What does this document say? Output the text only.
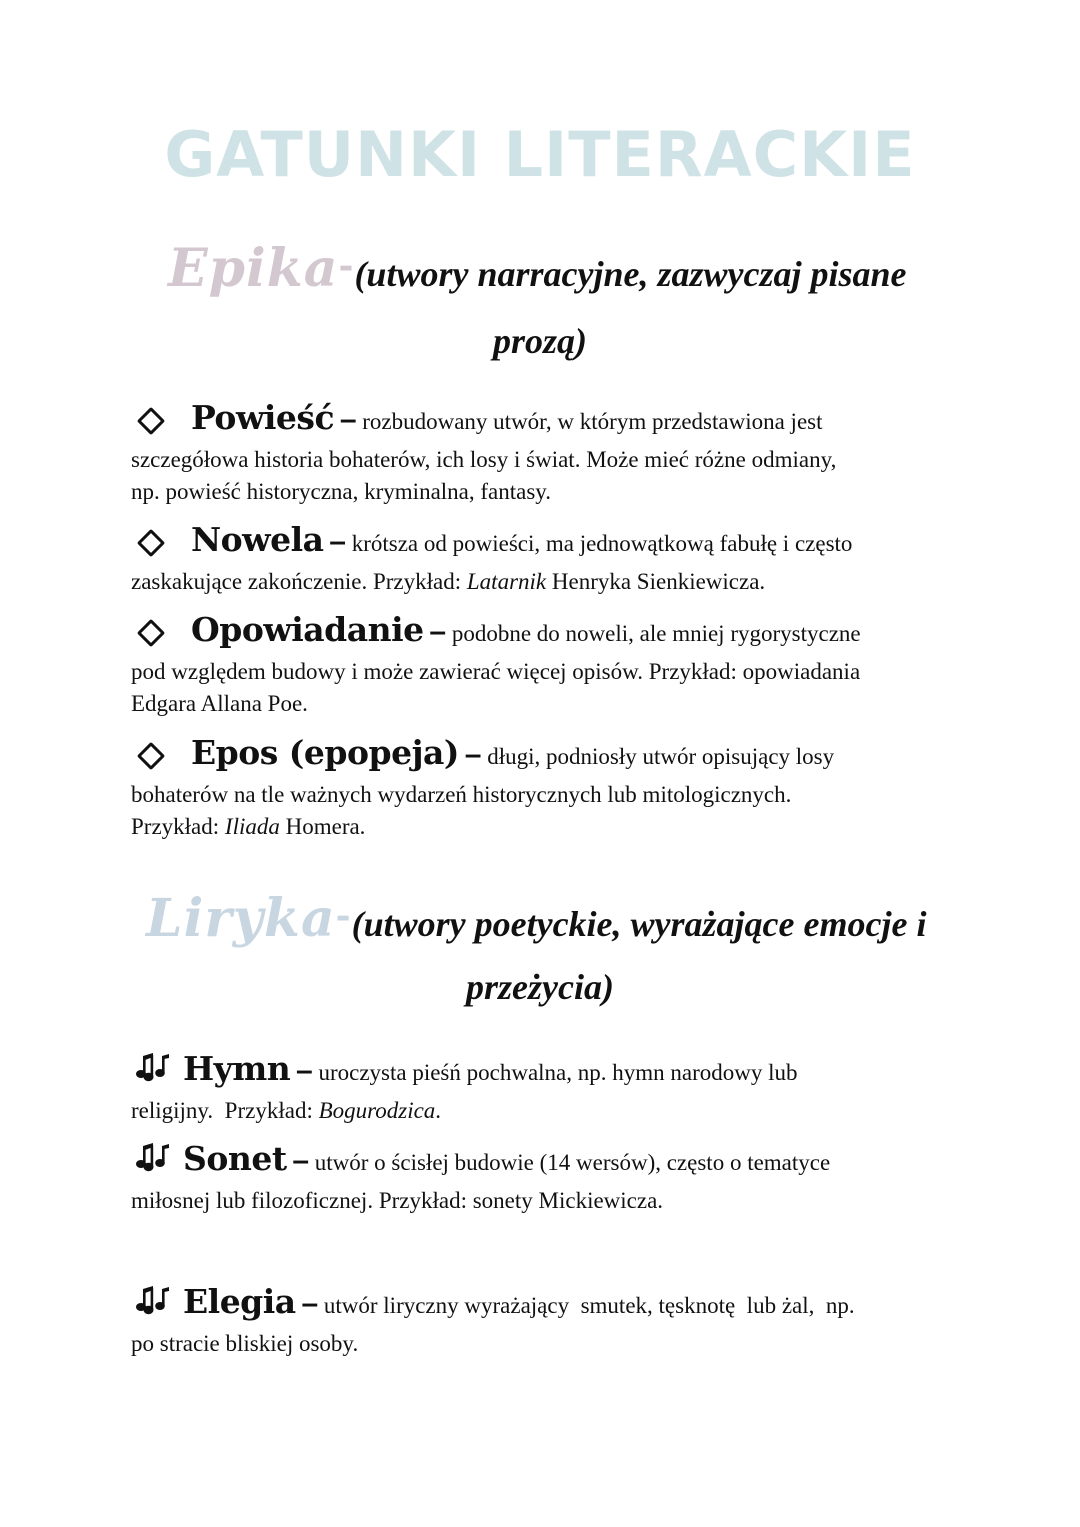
GATUNKI LITERACKIE
Epika-(utwory narracyjne, zazwyczaj pisane
prozą)
Powieść – rozbudowany utwór, w którym przedstawiona jest
szczegółowa historia bohaterów, ich losy i świat. Może mieć różne odmiany,
np. powieść historyczna, kryminalna, fantasy.
Nowela – krótsza od powieści, ma jednowątkową fabułę i często
zaskakujące zakończenie. Przykład: Latarnik Henryka Sienkiewicza.
Opowiadanie – podobne do noweli, ale mniej rygorystyczne
pod względem budowy i może zawierać więcej opisów. Przykład: opowiadania
Edgara Allana Poe.
Epos (epopeja) – długi, podniosły utwór opisujący losy
bohaterów na tle ważnych wydarzeń historycznych lub mitologicznych.
Przykład: Iliada Homera.
Liryka-(utwory poetyckie, wyrażające emocje i
przeżycia)
Hymn – uroczysta pieśń pochwalna, np. hymn narodowy lub
religijny.  Przykład: Bogurodzica.
Sonet – utwór o ścisłej budowie (14 wersów), często o tematyce
miłosnej lub filozoficznej. Przykład: sonety Mickiewicza.
Elegia – utwór liryczny wyrażający  smutek, tęsknotę  lub żal,  np.
po stracie bliskiej osoby.
